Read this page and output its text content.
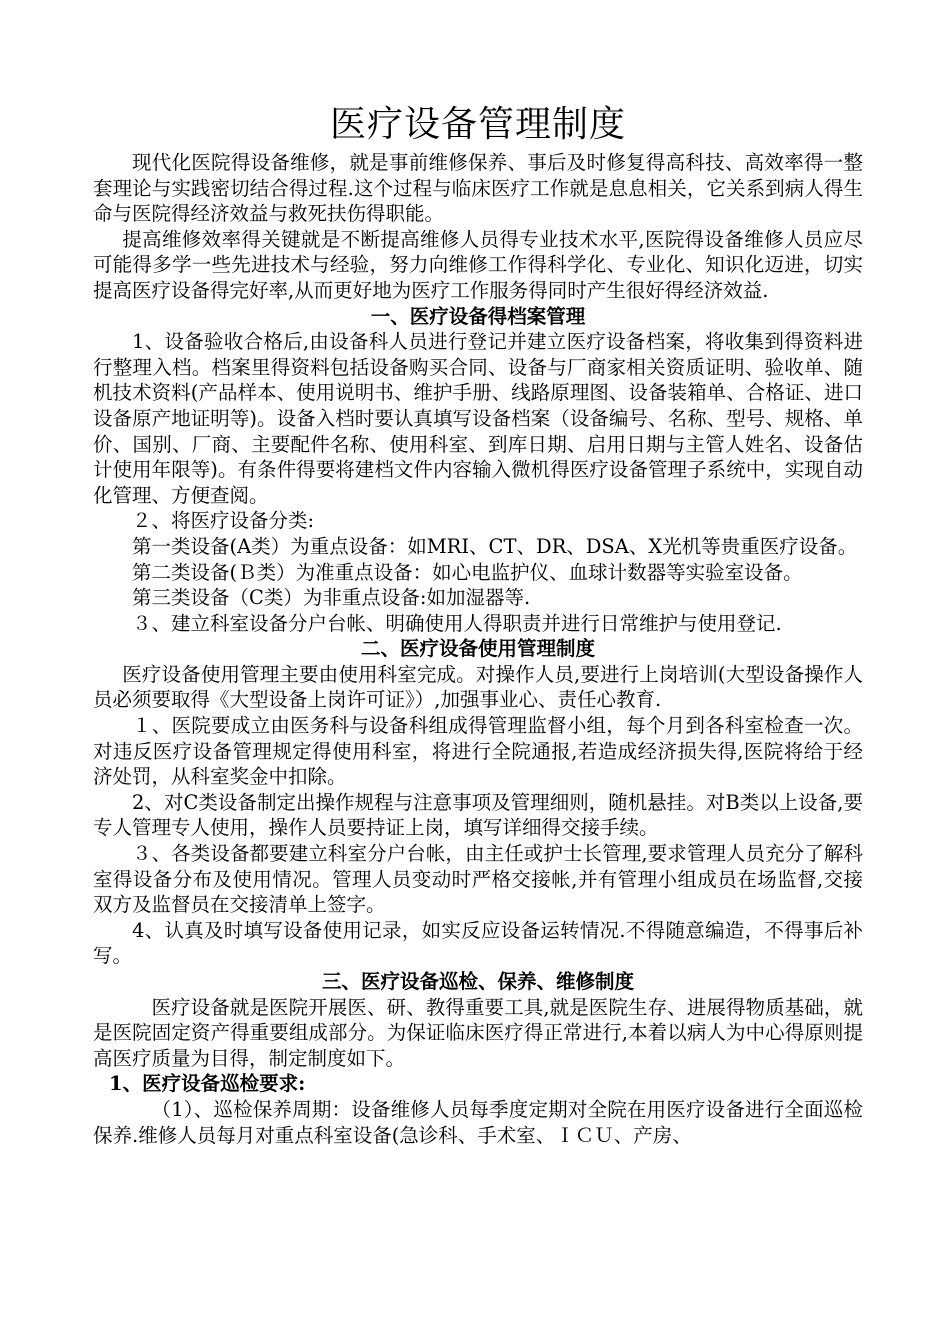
医疗设备管理制度

现代化医院得设备维修，就是事前维修保养、事后及时修复得高科技、高效率得一整套理论与实践密切结合得过程.这个过程与临床医疗工作就是息息相关，它关系到病人得生命与医院得经济效益与救死扶伤得职能。

提高维修效率得关键就是不断提高维修人员得专业技术水平,医院得设备维修人员应尽可能得多学一些先进技术与经验，努力向维修工作得科学化、专业化、知识化迈进，切实提高医疗设备得完好率,从而更好地为医疗工作服务得同时产生很好得经济效益.

一、医疗设备得档案管理

1、设备验收合格后,由设备科人员进行登记并建立医疗设备档案，将收集到得资料进行整理入档。档案里得资料包括设备购买合同、设备与厂商家相关资质证明、验收单、随机技术资料(产品样本、使用说明书、维护手册、线路原理图、设备装箱单、合格证、进口设备原产地证明等)。设备入档时要认真填写设备档案（设备编号、名称、型号、规格、单价、国别、厂商、主要配件名称、使用科室、到库日期、启用日期与主管人姓名、设备估计使用年限等)。有条件得要将建档文件内容输入微机得医疗设备管理子系统中，实现自动化管理、方便查阅。

２、将医疗设备分类:

第一类设备(A类）为重点设备：如MRI、CT、DR、DSA、X光机等贵重医疗设备。

第二类设备(Ｂ类）为准重点设备：如心电监护仪、血球计数器等实验室设备。

第三类设备（C类）为非重点设备:如加湿器等.

３、建立科室设备分户台帐、明确使用人得职责并进行日常维护与使用登记.

二、医疗设备使用管理制度

医疗设备使用管理主要由使用科室完成。对操作人员,要进行上岗培训(大型设备操作人员必须要取得《大型设备上岗许可证》）,加强事业心、责任心教育.

１、医院要成立由医务科与设备科组成得管理监督小组，每个月到各科室检查一次。对违反医疗设备管理规定得使用科室，将进行全院通报,若造成经济损失得,医院将给于经济处罚，从科室奖金中扣除。

2、对C类设备制定出操作规程与注意事项及管理细则，随机悬挂。对B类以上设备,要专人管理专人使用，操作人员要持证上岗，填写详细得交接手续。

３、各类设备都要建立科室分户台帐，由主任或护士长管理,要求管理人员充分了解科室得设备分布及使用情况。管理人员变动时严格交接帐,并有管理小组成员在场监督,交接双方及监督员在交接清单上签字。

4、认真及时填写设备使用记录，如实反应设备运转情况.不得随意编造，不得事后补写。

三、医疗设备巡检、保养、维修制度

医疗设备就是医院开展医、研、教得重要工具,就是医院生存、进展得物质基础，就是医院固定资产得重要组成部分。为保证临床医疗得正常进行,本着以病人为中心得原则提高医疗质量为目得，制定制度如下。

1、医疗设备巡检要求:

（1）、巡检保养周期：设备维修人员每季度定期对全院在用医疗设备进行全面巡检保养.维修人员每月对重点科室设备(急诊科、手术室、ＩＣＵ、产房、
